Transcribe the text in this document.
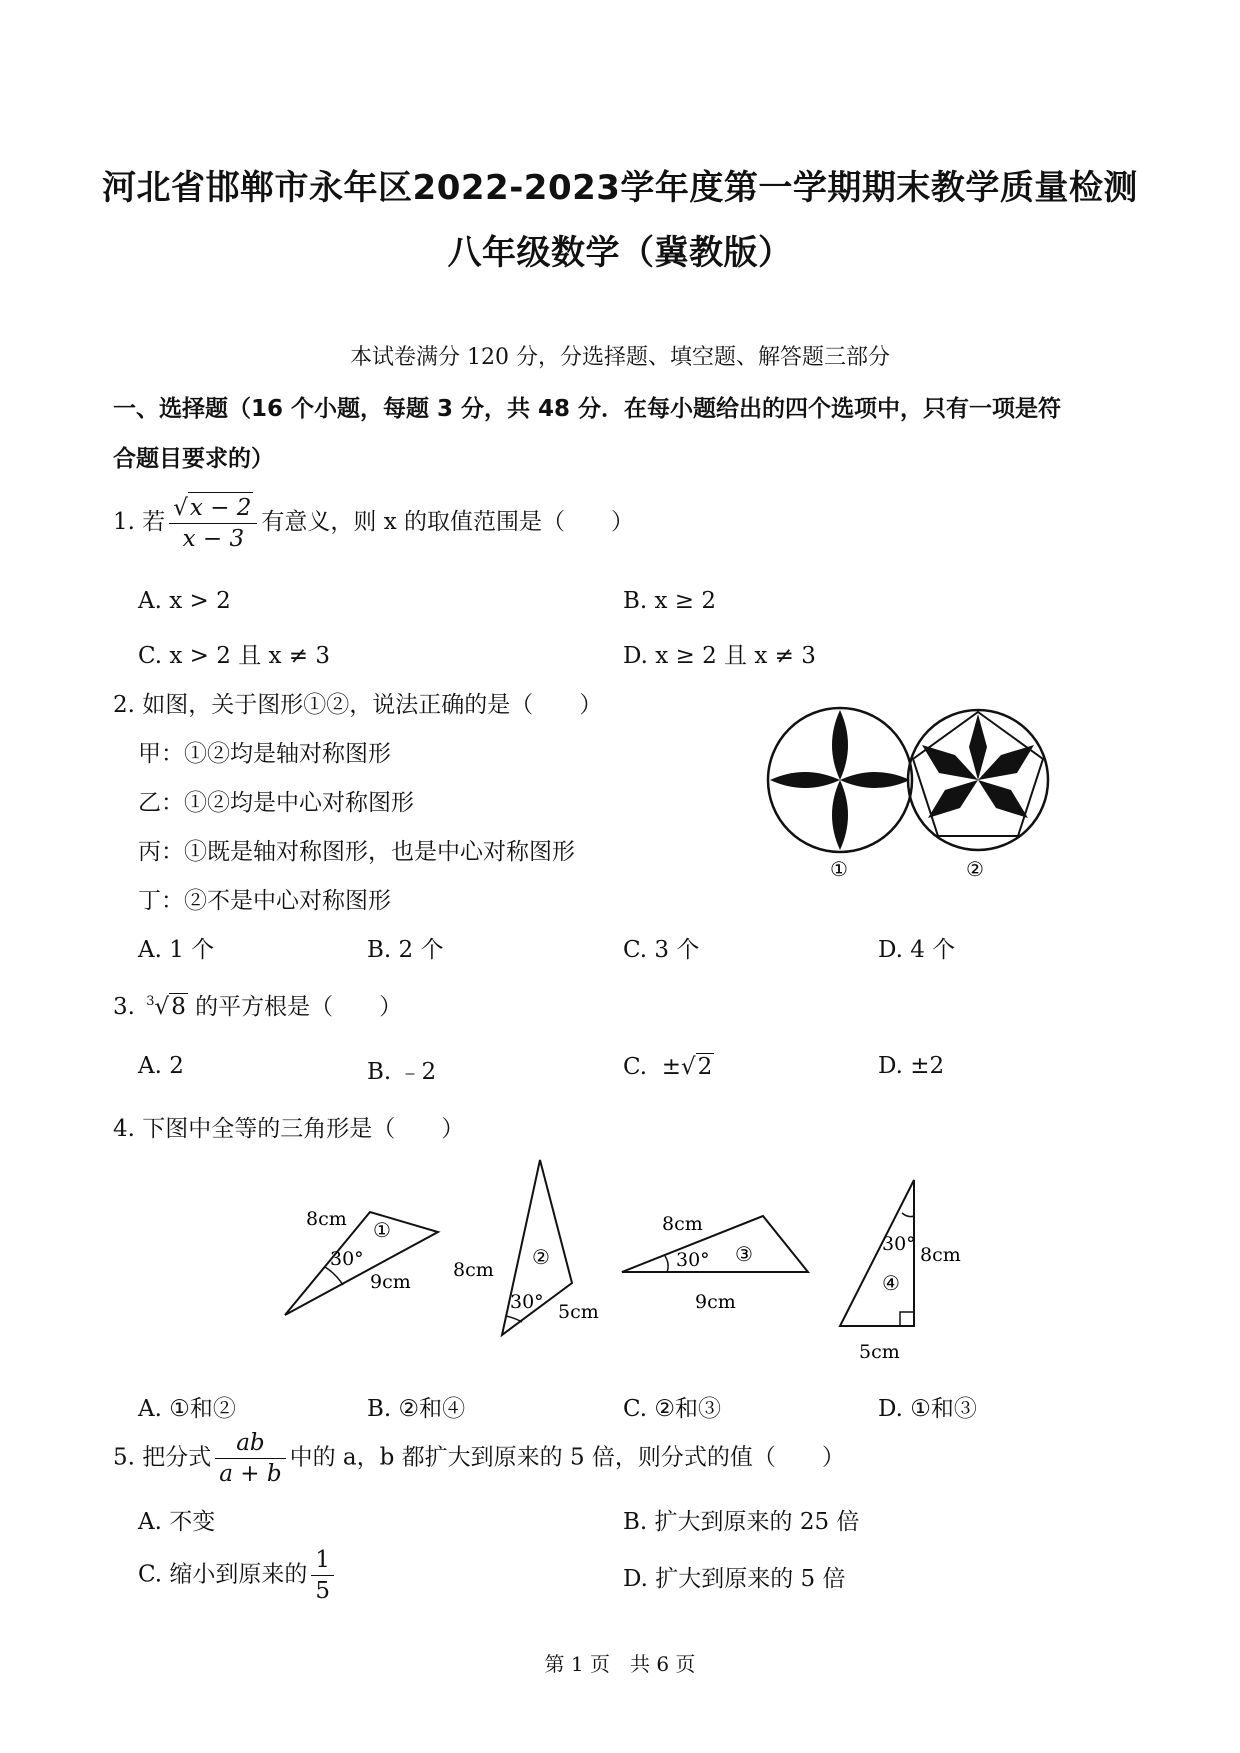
河北省邯郸市永年区2022-2023学年度第一学期期末教学质量检测
八年级数学（冀教版）
本试卷满分 120 分，分选择题、填空题、解答题三部分
一、选择题（16 个小题，每题 3 分，共 48 分．在每小题给出的四个选项中，只有一项是符
合题目要求的）
1. 若 $\frac{√x - 2}{x - 3}$ 有意义，则 x 的取值范围是（　　）
A. x > 2	B. x ≥ 2
C. x > 2 且 x ≠ 3	D. x ≥ 2 且 x ≠ 3
2. 如图，关于图形①②，说法正确的是（　　）
甲：①②均是轴对称图形
乙：①②均是中心对称图形
丙：①既是轴对称图形，也是中心对称图形
丁：②不是中心对称图形
①	②
A. 1 个	B. 2 个	C. 3 个	D. 4 个
3. $^3$√8 的平方根是（　　）
A. 2	B. ﹣2	C. ±√2	D. ±2
4. 下图中全等的三角形是（　　）
8cm ①
30°
9cm
8cm
②
30° 5cm
8cm
30° ③
9cm
30° 8cm
④
5cm
A. ①和②	B. ②和④	C. ②和③	D. ①和③
5. 把分式 $\frac{ab}{a + b}$ 中的 a，b 都扩大到原来的 5 倍，则分式的值（　　）
A. 不变	B. 扩大到原来的 25 倍
C. 缩小到原来的 $\frac{1}{5}$	D. 扩大到原来的 5 倍
第 1 页　共 6 页
